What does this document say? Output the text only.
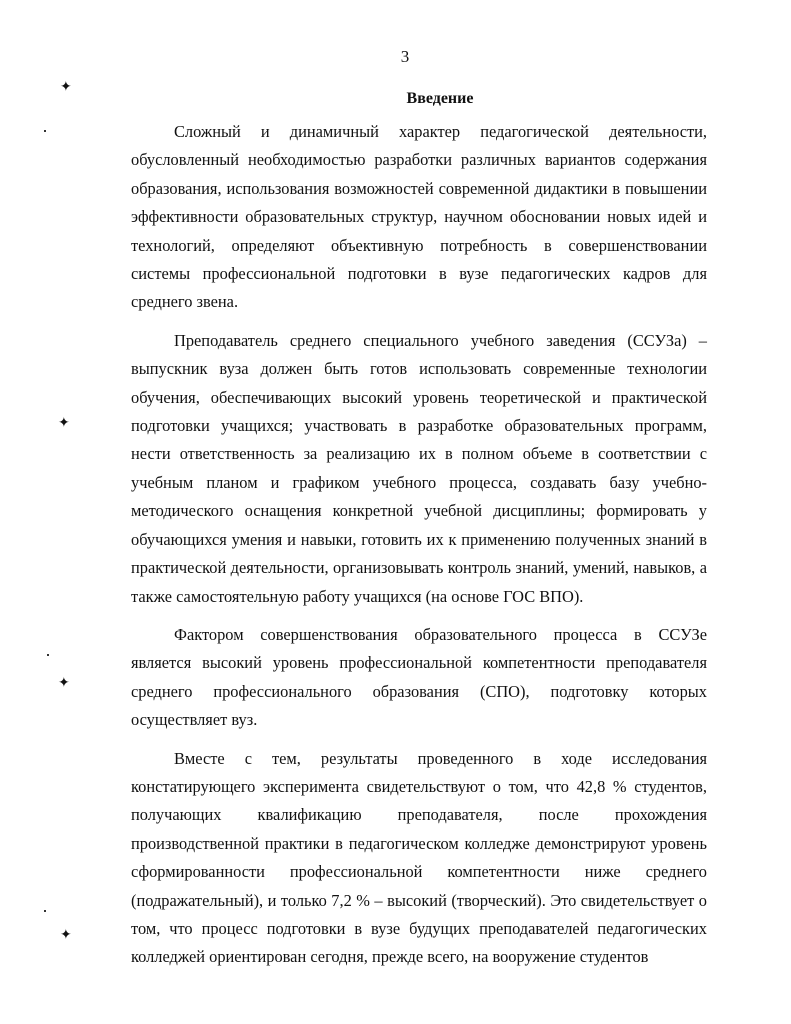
3
Введение

Сложный и динамичный характер педагогической деятельности, обусловленный необходимостью разработки различных вариантов содержания образования, использования возможностей современной дидактики в повышении эффективности образовательных структур, научном обосновании новых идей и технологий, определяют объективную потребность в совершенствовании системы профессиональной подготовки в вузе педагогических кадров для среднего звена.

Преподаватель среднего специального учебного заведения (ССУЗа) – выпускник вуза должен быть готов использовать современные технологии обучения, обеспечивающих высокий уровень теоретической и практической подготовки учащихся; участвовать в разработке образовательных программ, нести ответственность за реализацию их в полном объеме в соответствии с учебным планом и графиком учебного процесса, создавать базу учебно-методического оснащения конкретной учебной дисциплины; формировать у обучающихся умения и навыки, готовить их к применению полученных знаний в практической деятельности, организовывать контроль знаний, умений, навыков, а также самостоятельную работу учащихся (на основе ГОС ВПО).

Фактором совершенствования образовательного процесса в ССУЗе является высокий уровень профессиональной компетентности преподавателя среднего профессионального образования (СПО), подготовку которых осуществляет вуз.

Вместе с тем, результаты проведенного в ходе исследования констатирующего эксперимента свидетельствуют о том, что 42,8 % студентов, получающих квалификацию преподавателя, после прохождения производственной практики в педагогическом колледже демонстрируют уровень сформированности профессиональной компетентности ниже среднего (подражательный), и только 7,2 % – высокий (творческий). Это свидетельствует о том, что процесс подготовки в вузе будущих преподавателей педагогических колледжей ориентирован сегодня, прежде всего, на вооружение студентов

✦
✦
✦
✦
